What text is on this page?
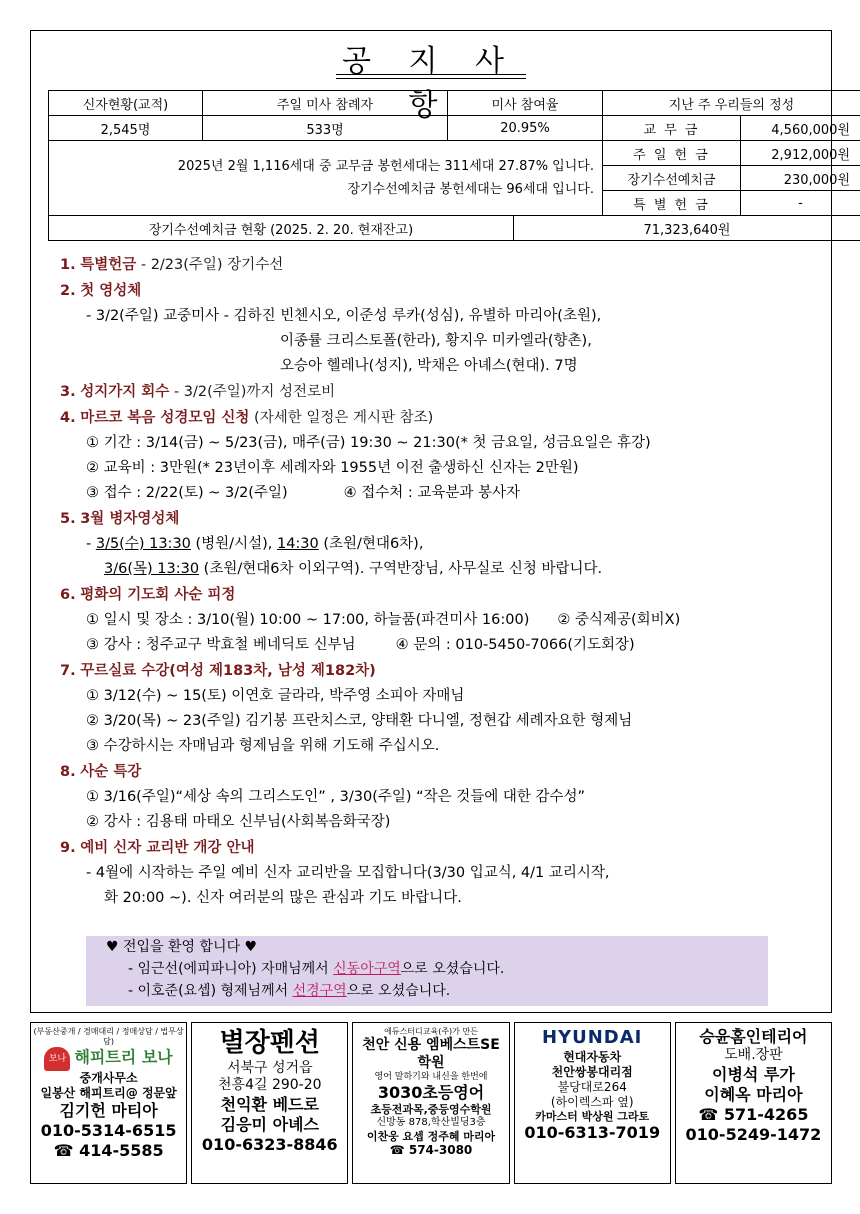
공 지 사 항
신자현황(교적)	주일 미사 참례자	미사 참여율		지난 주 우리들의 정성	
2,545명	533명	20.95%		교 무 금	4,560,000원

2025년 2월 1,116세대 중 교무금 봉헌세대는 311세대 27.87% 입니다.
장기수선예치금 봉헌세대는 96세대 입니다.				주 일 헌 금	2,912,000원
				장기수선예치금	230,000원
				특 별 헌 금	-
장기수선예치금 현황 (2025. 2. 20. 현재잔고)			71,323,640원		
1. 특별헌금 - 2/23(주일) 장기수선
2. 첫 영성체
- 3/2(주일) 교중미사 - 김하진 빈첸시오, 이준성 루카(성심), 유별하 마리아(초원),
이종률 크리스토폴(한라), 황지우 미카엘라(향촌),
오승아 헬레나(성지), 박채은 아녜스(현대). 7명
3. 성지가지 회수 - 3/2(주일)까지 성전로비
4. 마르코 복음 성경모임 신청 (자세한 일정은 게시판 참조)
① 기간 : 3/14(금) ~ 5/23(금), 매주(금) 19:30 ~ 21:30(* 첫 금요일, 성금요일은 휴강)
② 교육비 : 3만원(* 23년이후 세례자와 1955년 이전 출생하신 신자는 2만원)
③ 접수 : 2/22(토) ~ 3/2(주일)	④ 접수처 : 교육분과 봉사자
5. 3월 병자영성체
- 3/5(수) 13:30 (병원/시설), 14:30 (초원/현대6차),
3/6(목) 13:30 (초원/현대6차 이외구역). 구역반장님, 사무실로 신청 바랍니다.
6. 평화의 기도회 사순 피정
① 일시 및 장소 : 3/10(월) 10:00 ~ 17:00, 하늘품(파견미사 16:00) ② 중식제공(회비X)
③ 강사 : 청주교구 박효철 베네딕토 신부님	④ 문의 : 010-5450-7066(기도회장)
7. 꾸르실료 수강(여성 제183차, 남성 제182차)
① 3/12(수) ~ 15(토) 이연호 글라라, 박주영 소피아 자매님
② 3/20(목) ~ 23(주일) 김기봉 프란치스코, 양태환 다니엘, 정현갑 세례자요한 형제님
③ 수강하시는 자매님과 형제님을 위해 기도해 주십시오.
8. 사순 특강
① 3/16(주일)“세상 속의 그리스도인” , 3/30(주일) “작은 것들에 대한 감수성”
② 강사 : 김용태 마태오 신부님(사회복음화국장)
9. 예비 신자 교리반 개강 안내
- 4월에 시작하는 주일 예비 신자 교리반을 모집합니다(3/30 입교식, 4/1 교리시작,
화 20:00 ~). 신자 여러분의 많은 관심과 기도 바랍니다.
♥ 전입을 환영 합니다 ♥
- 임근선(에피파니아) 자매님께서 신동아구역으로 오셨습니다.
- 이호준(요셉) 형제님께서 선경구역으로 오셨습니다.
(부동산중개 / 경매대리 / 정매상담 / 법무상담)
보나 해피트리 보나
중개사무소
일봉산 해피트리@ 정문앞
김기헌 마티아
010-5314-6515
☎ 414-5585
별장펜션
서북구 성거읍
천흥4길 290-20
천익환 베드로
김응미 아녜스
010-6323-8846
에듀스터디교육(주)가 만든
천안 신용 엠베스트SE 학원
영어 말하기와 내신을 한번에
3030초등영어
초등전과목,중등영수학원
신방동 878,학산빌딩3층
이찬웅 요셉 정주혜 마리아
☎ 574-3080
HYUNDAI
현대자동차
천안쌍봉대리점
불당대로264
(하이렉스파 옆)
카마스터 박상원 그라토
010-6313-7019
승윤홈인테리어
도배.장판
이병석 루가
이혜옥 마리아
☎ 571-4265
010-5249-1472
